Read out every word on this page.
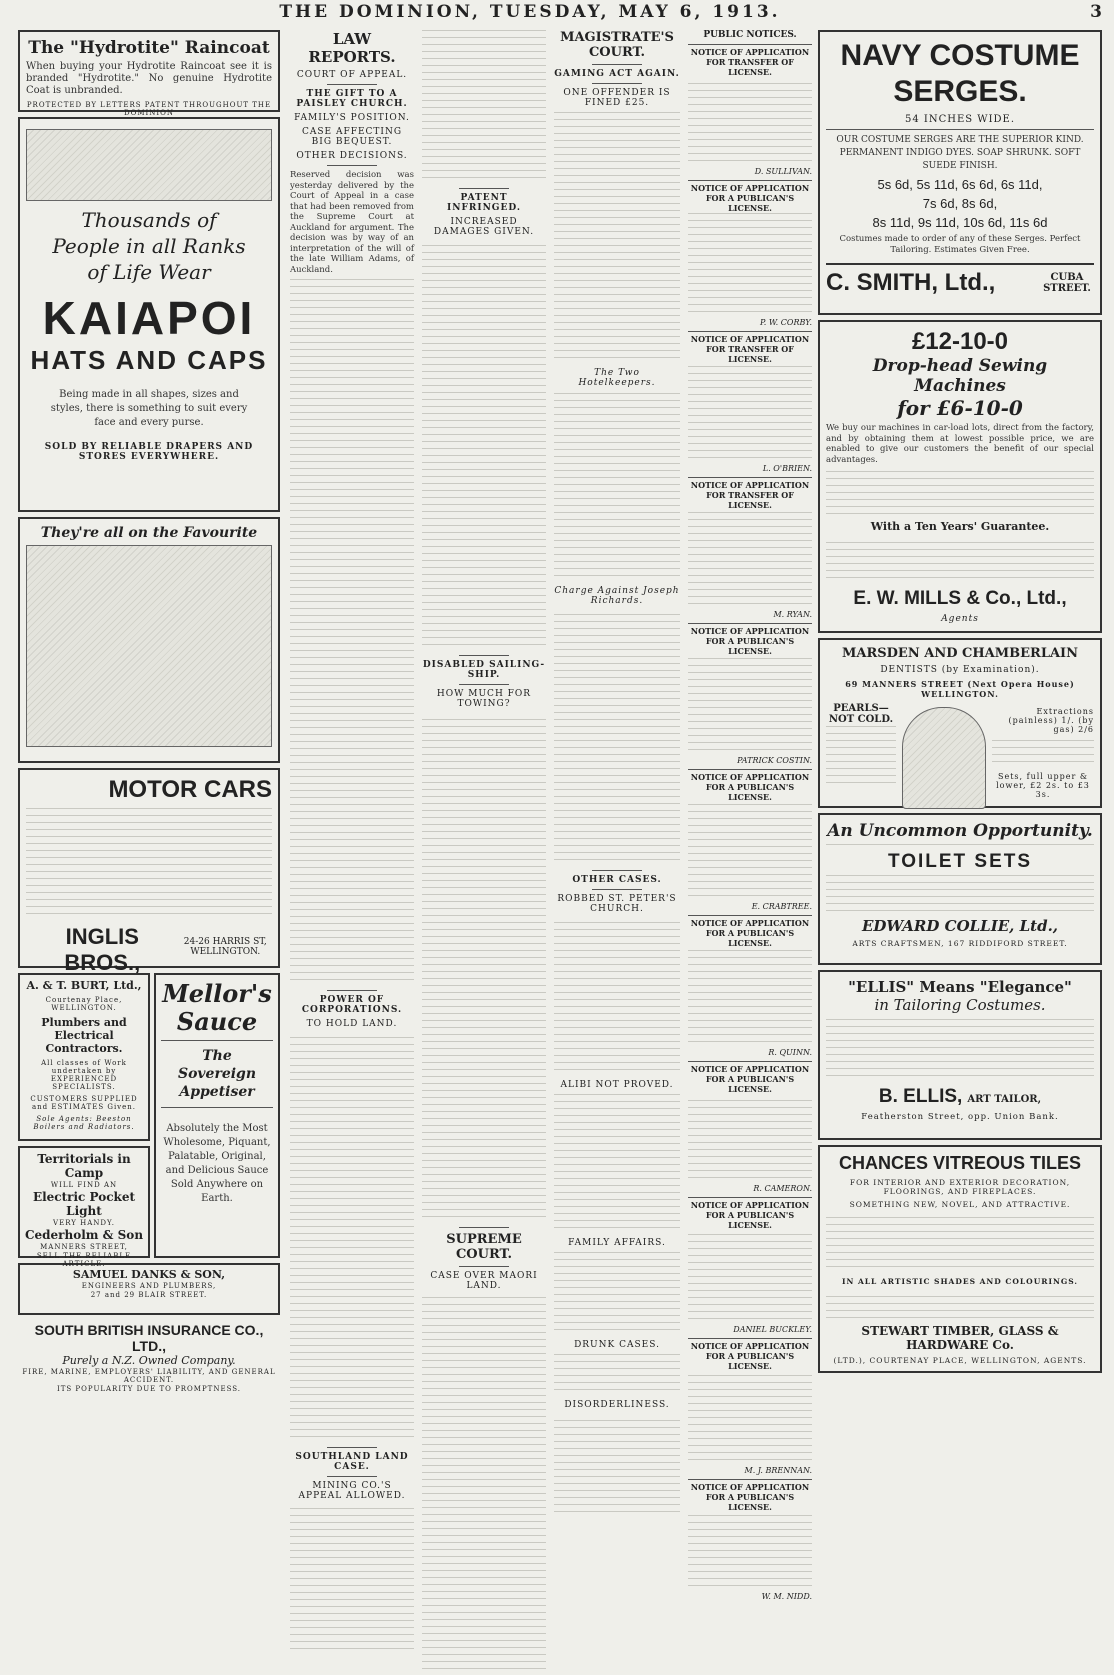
THE DOMINION, TUESDAY, MAY 6, 1913.	3
The "Hydrotite" Raincoat
When buying your Hydrotite Raincoat see it is branded "Hydrotite." No genuine Hydrotite Coat is unbranded.
PROTECTED BY LETTERS PATENT THROUGHOUT THE DOMINION
Thousands of People in all Ranks of Life Wear
KAIAPOI
HATS AND CAPS
Being made in all shapes, sizes and styles, there is something to suit every face and every purse.
SOLD BY RELIABLE DRAPERS AND STORES EVERYWHERE.
They're all on the Favourite
MOTOR CARS
INGLIS BROS.,
24-26 HARRIS ST, WELLINGTON.
A. & T. BURT, Ltd.,
Courtenay Place, WELLINGTON.
Plumbers and Electrical Contractors.
All classes of Work undertaken by EXPERIENCED SPECIALISTS.
CUSTOMERS SUPPLIED and ESTIMATES Given.
Sole Agents: Beeston Boilers and Radiators.
Territorials in Camp
WILL FIND AN
Electric Pocket Light
VERY HANDY.
Cederholm & Son
MANNERS STREET,
SELL THE RELIABLE ARTICLE.
Mellor's Sauce
The Sovereign Appetiser
Absolutely the Most Wholesome, Piquant, Palatable, Original, and Delicious Sauce Sold Anywhere on Earth.
SAMUEL DANKS & SON,
ENGINEERS AND PLUMBERS,
27 and 29 BLAIR STREET.
SOUTH BRITISH INSURANCE CO., LTD.,
Purely a N.Z. Owned Company.
FIRE, MARINE, EMPLOYERS' LIABILITY, AND GENERAL ACCIDENT.
ITS POPULARITY DUE TO PROMPTNESS.
LAW REPORTS.
COURT OF APPEAL.
THE GIFT TO A PAISLEY CHURCH.
FAMILY'S POSITION.
CASE AFFECTING BIG BEQUEST.
OTHER DECISIONS.
Reserved decision was yesterday delivered by the Court of Appeal in a case that had been removed from the Supreme Court at Auckland for argument. The decision was by way of an interpretation of the will of the late William Adams, of Auckland.
POWER OF CORPORATIONS.
TO HOLD LAND.
SOUTHLAND LAND CASE.
MINING CO.'S APPEAL ALLOWED.
PATENT INFRINGED.
INCREASED DAMAGES GIVEN.
DISABLED SAILING-SHIP.
HOW MUCH FOR TOWING?
SUPREME COURT.
CASE OVER MAORI LAND.
MAGISTRATE'S COURT.
GAMING ACT AGAIN.
ONE OFFENDER IS FINED £25.
The Two Hotelkeepers.
Charge Against Joseph Richards.
OTHER CASES.
ROBBED ST. PETER'S CHURCH.
ALIBI NOT PROVED.
FAMILY AFFAIRS.
DRUNK CASES.
DISORDERLINESS.
PUBLIC NOTICES.
NOTICE OF APPLICATION FOR TRANSFER OF LICENSE.
D. SULLIVAN.
NOTICE OF APPLICATION FOR A PUBLICAN'S LICENSE.
P. W. CORBY.
NOTICE OF APPLICATION FOR TRANSFER OF LICENSE.
L. O'BRIEN.
NOTICE OF APPLICATION FOR TRANSFER OF LICENSE.
M. RYAN.
NOTICE OF APPLICATION FOR A PUBLICAN'S LICENSE.
PATRICK COSTIN.
NOTICE OF APPLICATION FOR A PUBLICAN'S LICENSE.
E. CRABTREE.
NOTICE OF APPLICATION FOR A PUBLICAN'S LICENSE.
R. QUINN.
NOTICE OF APPLICATION FOR A PUBLICAN'S LICENSE.
R. CAMERON.
NOTICE OF APPLICATION FOR A PUBLICAN'S LICENSE.
DANIEL BUCKLEY.
NOTICE OF APPLICATION FOR A PUBLICAN'S LICENSE.
M. J. BRENNAN.
NOTICE OF APPLICATION FOR A PUBLICAN'S LICENSE.
W. M. NIDD.
NAVY COSTUME SERGES.
54 INCHES WIDE.
OUR COSTUME SERGES ARE THE SUPERIOR KIND. PERMANENT INDIGO DYES. SOAP SHRUNK. SOFT SUEDE FINISH.
5s 6d, 5s 11d, 6s 6d, 6s 11d,
7s 6d, 8s 6d,
8s 11d, 9s 11d, 10s 6d, 11s 6d
Costumes made to order of any of these Serges. Perfect Tailoring. Estimates Given Free.
C. SMITH, Ltd.,	CUBA STREET.
£12-10-0
Drop-head Sewing Machines
for £6-10-0
We buy our machines in car-load lots, direct from the factory, and by obtaining them at lowest possible price, we are enabled to give our customers the benefit of our special advantages.
With a Ten Years' Guarantee.
E. W. MILLS & Co., Ltd.,
Agents
MARSDEN AND CHAMBERLAIN
DENTISTS (by Examination).
69 MANNERS STREET (Next Opera House) WELLINGTON.
PEARLS— NOT COLD.
Extractions (painless) 1/. (by gas) 2/6
Sets, full upper & lower, £2 2s. to £3 3s.
An Uncommon Opportunity.
TOILET SETS
EDWARD COLLIE, Ltd.,
ARTS CRAFTSMEN, 167 RIDDIFORD STREET.
"ELLIS" Means "Elegance"
in Tailoring Costumes.
B. ELLIS, ART TAILOR,
Featherston Street, opp. Union Bank.
CHANCES VITREOUS TILES
FOR INTERIOR AND EXTERIOR DECORATION, FLOORINGS, AND FIREPLACES.
SOMETHING NEW, NOVEL, AND ATTRACTIVE.
IN ALL ARTISTIC SHADES AND COLOURINGS.
STEWART TIMBER, GLASS & HARDWARE Co.
(LTD.), COURTENAY PLACE, WELLINGTON, AGENTS.
